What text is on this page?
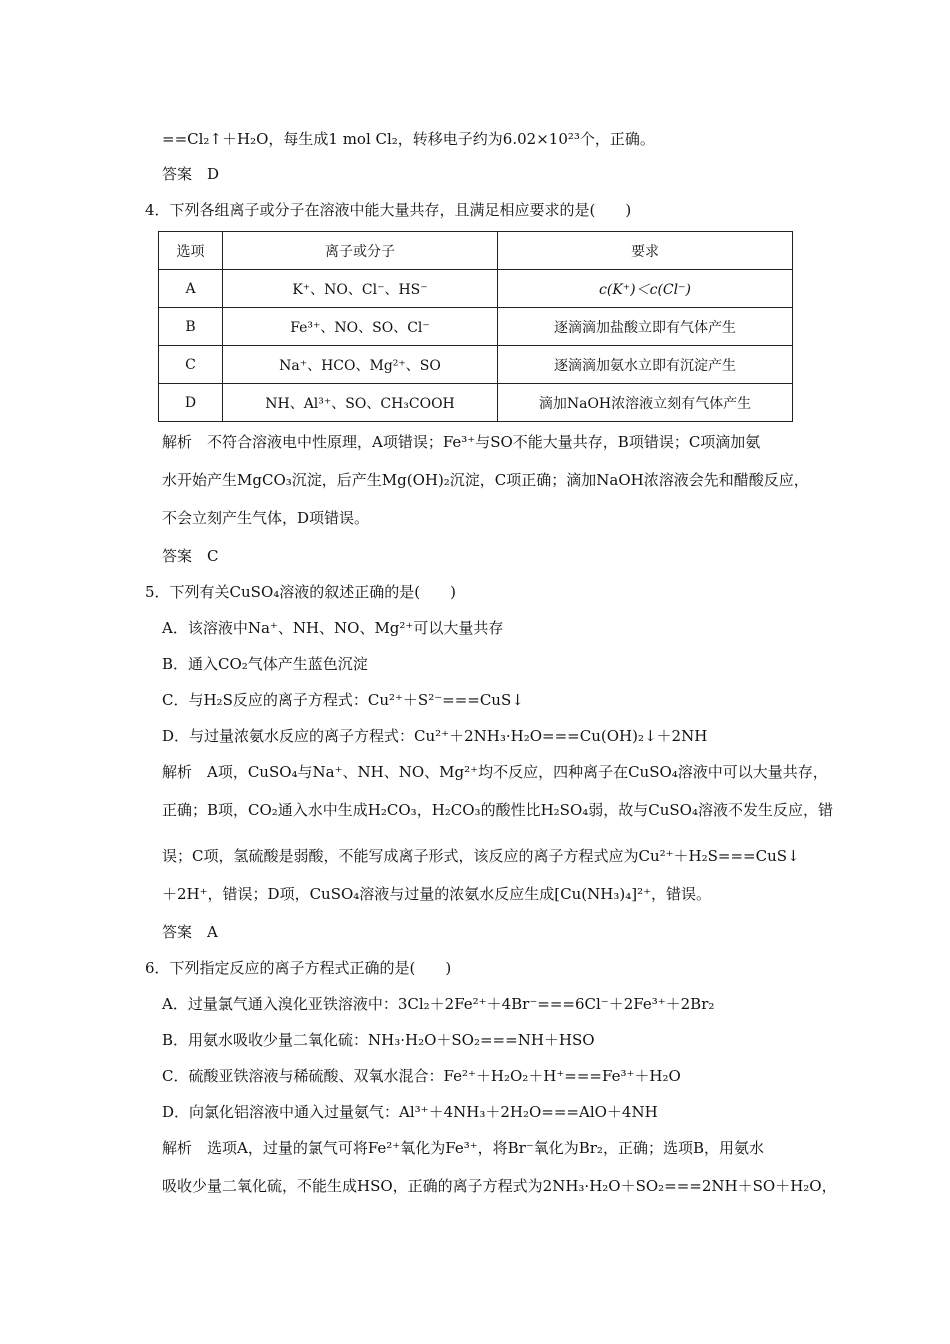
==Cl₂↑＋H₂O，每生成1 mol Cl₂，转移电子约为6.02×10²³个，正确。
答案　D
4．下列各组离子或分子在溶液中能大量共存，且满足相应要求的是(　　)
选项	离子或分子	要求
A	K⁺、NO、Cl⁻、HS⁻	c(K⁺)＜c(Cl⁻)
B	Fe³⁺、NO、SO、Cl⁻	逐滴滴加盐酸立即有气体产生
C	Na⁺、HCO、Mg²⁺、SO	逐滴滴加氨水立即有沉淀产生
D	NH、Al³⁺、SO、CH₃COOH	滴加NaOH浓溶液立刻有气体产生
解析　不符合溶液电中性原理，A项错误；Fe³⁺与SO不能大量共存，B项错误；C项滴加氨
水开始产生MgCO₃沉淀，后产生Mg(OH)₂沉淀，C项正确；滴加NaOH浓溶液会先和醋酸反应，
不会立刻产生气体，D项错误。
答案　C
5．下列有关CuSO₄溶液的叙述正确的是(　　)
A．该溶液中Na⁺、NH、NO、Mg²⁺可以大量共存
B．通入CO₂气体产生蓝色沉淀
C．与H₂S反应的离子方程式：Cu²⁺＋S²⁻===CuS↓
D．与过量浓氨水反应的离子方程式：Cu²⁺＋2NH₃·H₂O===Cu(OH)₂↓＋2NH
解析　A项，CuSO₄与Na⁺、NH、NO、Mg²⁺均不反应，四种离子在CuSO₄溶液中可以大量共存，
正确；B项，CO₂通入水中生成H₂CO₃，H₂CO₃的酸性比H₂SO₄弱，故与CuSO₄溶液不发生反应，错
误；C项，氢硫酸是弱酸，不能写成离子形式，该反应的离子方程式应为Cu²⁺＋H₂S===CuS↓
＋2H⁺，错误；D项，CuSO₄溶液与过量的浓氨水反应生成[Cu(NH₃)₄]²⁺，错误。
答案　A
6．下列指定反应的离子方程式正确的是(　　)
A．过量氯气通入溴化亚铁溶液中：3Cl₂＋2Fe²⁺＋4Br⁻===6Cl⁻＋2Fe³⁺＋2Br₂
B．用氨水吸收少量二氧化硫：NH₃·H₂O＋SO₂===NH＋HSO
C．硫酸亚铁溶液与稀硫酸、双氧水混合：Fe²⁺＋H₂O₂＋H⁺===Fe³⁺＋H₂O
D．向氯化铝溶液中通入过量氨气：Al³⁺＋4NH₃＋2H₂O===AlO＋4NH
解析　选项A，过量的氯气可将Fe²⁺氧化为Fe³⁺，将Br⁻氧化为Br₂，正确；选项B，用氨水
吸收少量二氧化硫，不能生成HSO，正确的离子方程式为2NH₃·H₂O＋SO₂===2NH＋SO＋H₂O，
